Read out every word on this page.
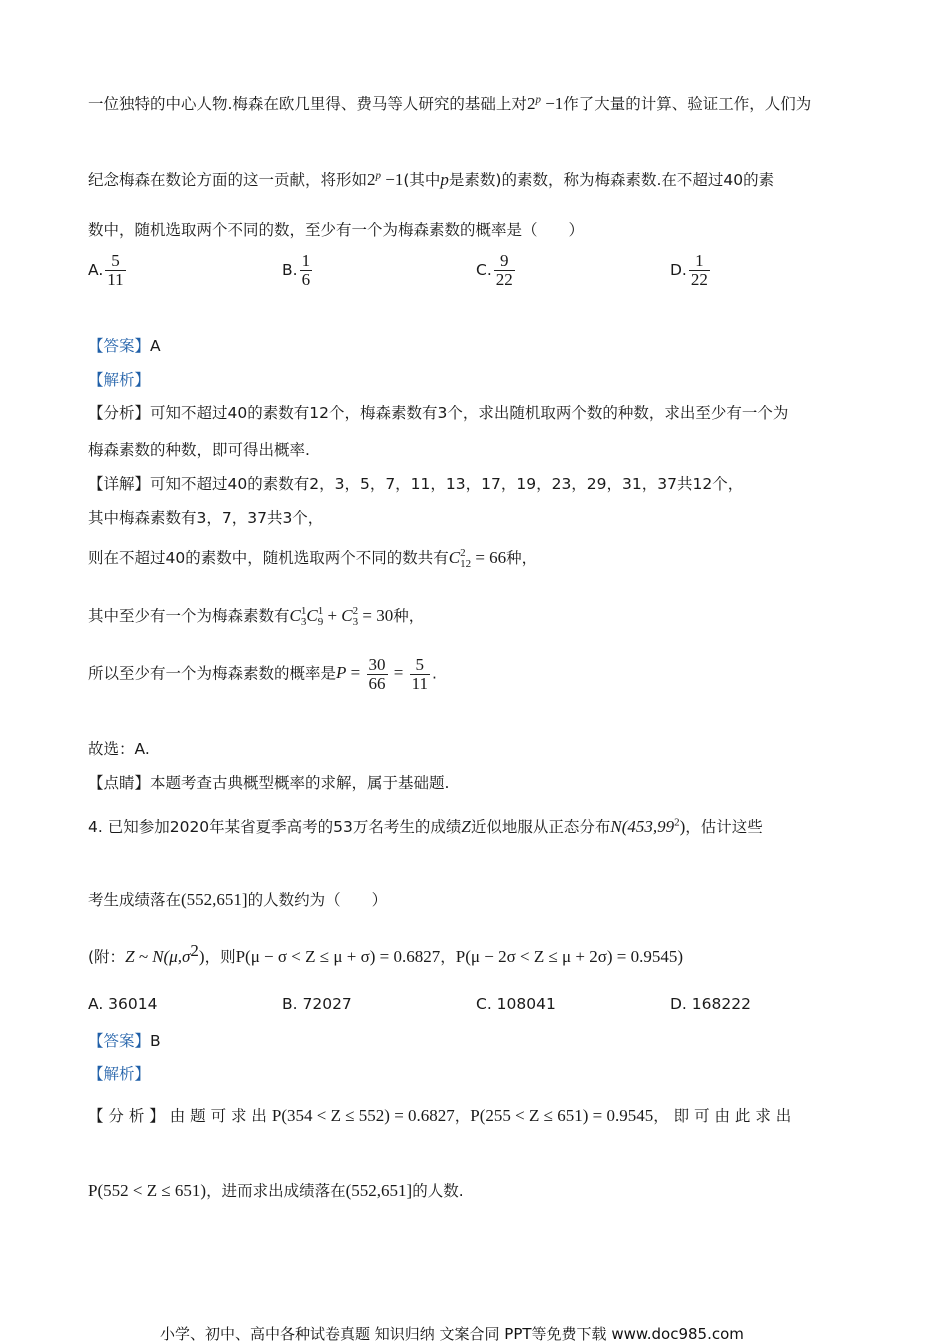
一位独特的中心人物.梅森在欧几里得、费马等人研究的基础上对$2^p -1$作了大量的计算、验证工作，人们为
纪念梅森在数论方面的这一贡献，将形如$2^p -1$(其中p是素数)的素数，称为梅森素数.在不超过40的素
数中，随机选取两个不同的数，至少有一个为梅森素数的概率是（　　）
A. $\frac{5}{11}$	B. $\frac{1}{6}$	C. $\frac{9}{22}$	D. $\frac{1}{22}$
【答案】A
【解析】
【分析】可知不超过40的素数有12个，梅森素数有3个，求出随机取两个数的种数，求出至少有一个为
梅森素数的种数，即可得出概率.
【详解】可知不超过40的素数有2，3，5，7，11，13，17，19，23，29，31，37共12个，
其中梅森素数有3，7，37共3个，
则在不超过40的素数中，随机选取两个不同的数共有C 2
12 = 66种，
其中至少有一个为梅森素数有C 1
3 C 1
9 + C 2
3 = 30种，
所以至少有一个为梅森素数的概率是$P = \frac{30}{66} = \frac{5}{11}$ .
故选：A.
【点睛】本题考查古典概型概率的求解，属于基础题.
4. 已知参加2020年某省夏季高考的53万名考生的成绩Z近似地服从正态分布N(453,99$^2$)，估计这些
考生成绩落在(552,651]的人数约为（　　）
(附：Z ~ $N(\mu,\sigma^2)$，则P(μ − σ < Z ≤ μ + σ) = 0.6827，P(μ − 2σ < Z ≤ μ + 2σ) = 0.9545)
A. 36014	B. 72027	C. 108041	D. 168222
【答案】B
【解析】
【 分 析 】 由 题 可 求 出 P(354 < Z ≤ 552) = 0.6827，P(255 < Z ≤ 651) = 0.9545， 即 可 由 此 求 出
P(552 < Z ≤ 651)，进而求出成绩落在(552,651]的人数.
小学、初中、高中各种试卷真题 知识归纳 文案合同 PPT等免费下载 www.doc985.com
